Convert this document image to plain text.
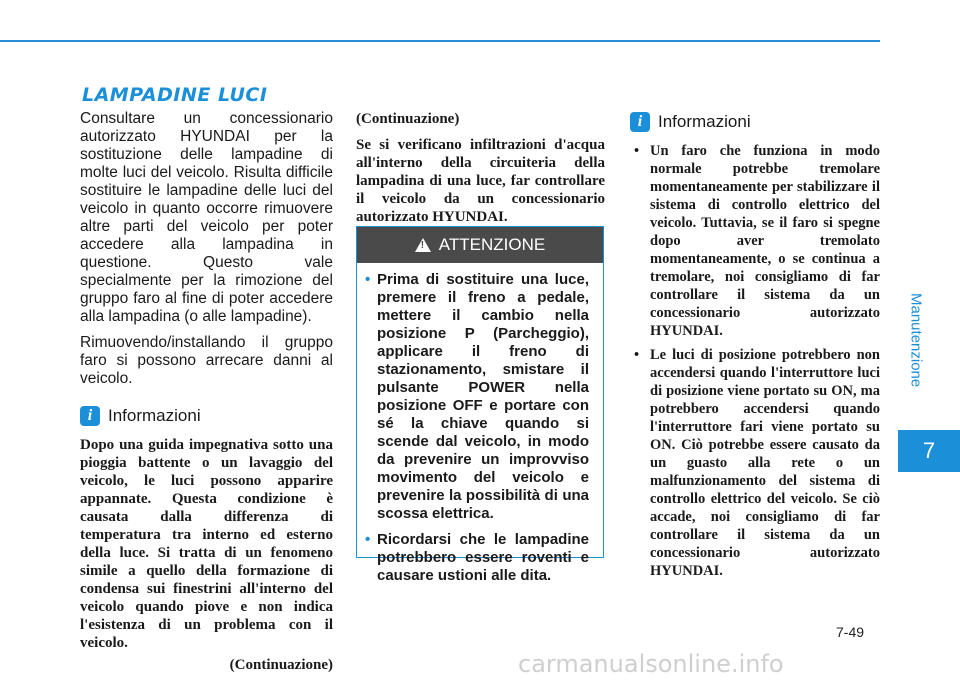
LAMPADINE LUCI

Consultare un concessionario autorizzato HYUNDAI per la sostituzione delle lampadine di molte luci del veicolo. Risulta difficile sostituire le lampadine delle luci del veicolo in quanto occorre rimuovere altre parti del veicolo per poter accedere alla lampadina in questione. Questo vale specialmente per la rimozione del gruppo faro al fine di poter accedere alla lampadina (o alle lampadine).

Rimuovendo/installando il gruppo faro si possono arrecare danni al veicolo.

i Informazioni

Dopo una guida impegnativa sotto una pioggia battente o un lavaggio del veicolo, le luci possono apparire appannate. Questa condizione è causata dalla differenza di temperatura tra interno ed esterno della luce. Si tratta di un fenomeno simile a quello della formazione di condensa sui finestrini all'interno del veicolo quando piove e non indica l'esistenza di un problema con il veicolo.

(Continuazione)

(Continuazione)

Se si verificano infiltrazioni d'acqua all'interno della circuiteria della lampadina di una luce, far controllare il veicolo da un concessionario autorizzato HYUNDAI.

! ATTENZIONE
• Prima di sostituire una luce, premere il freno a pedale, mettere il cambio nella posizione P (Parcheggio), applicare il freno di stazionamento, smistare il pulsante POWER nella posizione OFF e portare con sé la chiave quando si scende dal veicolo, in modo da prevenire un improvviso movimento del veicolo e prevenire la possibilità di una scossa elettrica.
• Ricordarsi che le lampadine potrebbero essere roventi e causare ustioni alle dita.
i Informazioni
• Un faro che funziona in modo normale potrebbe tremolare momentaneamente per stabilizzare il sistema di controllo elettrico del veicolo. Tuttavia, se il faro si spegne dopo aver tremolato momentaneamente, o se continua a tremolare, noi consigliamo di far controllare il sistema da un concessionario autorizzato HYUNDAI.
• Le luci di posizione potrebbero non accendersi quando l'interruttore luci di posizione viene portato su ON, ma potrebbero accendersi quando l'interruttore fari viene portato su ON. Ciò potrebbe essere causato da un guasto alla rete o un malfunzionamento del sistema di controllo elettrico del veicolo. Se ciò accade, noi consigliamo di far controllare il sistema da un concessionario autorizzato HYUNDAI.
Manutenzione
7
7-49
carmanualsonline.info
